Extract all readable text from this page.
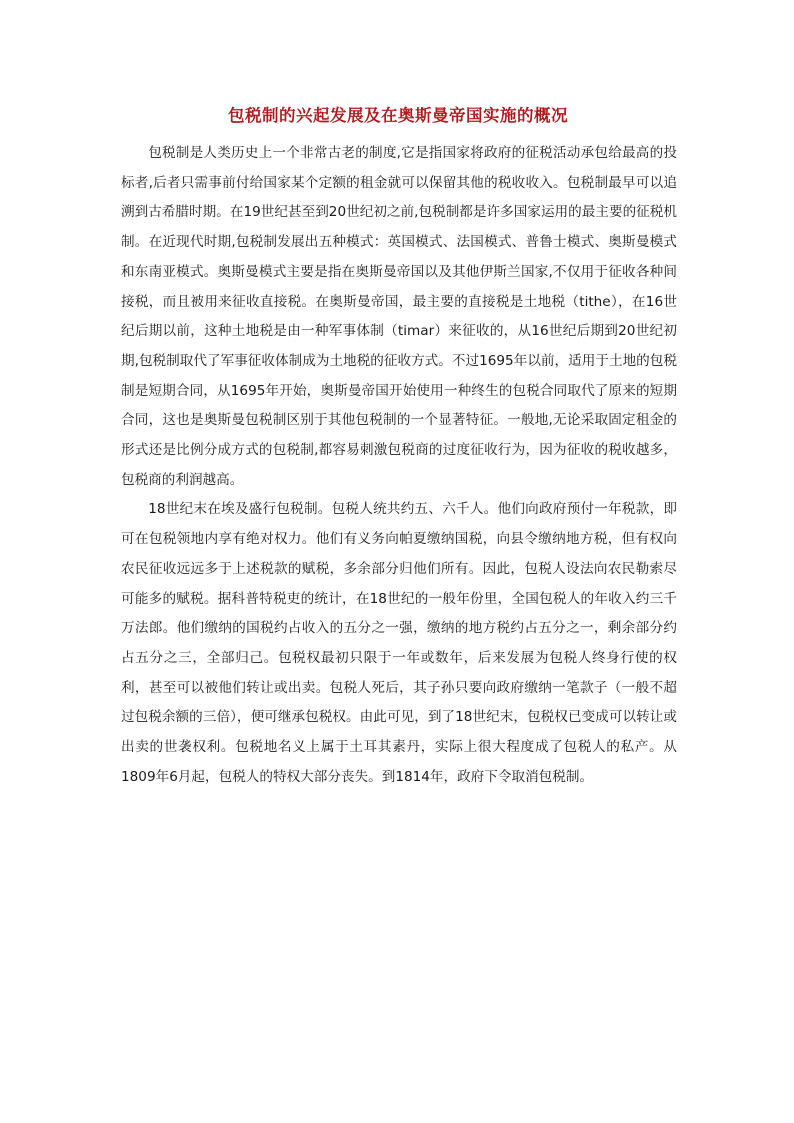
包税制的兴起发展及在奥斯曼帝国实施的概况

包税制是人类历史上一个非常古老的制度,它是指国家将政府的征税活动承包给最高的投标者,后者只需事前付给国家某个定额的租金就可以保留其他的税收收入。包税制最早可以追溯到古希腊时期。在19世纪甚至到20世纪初之前,包税制都是许多国家运用的最主要的征税机制。在近现代时期,包税制发展出五种模式：英国模式、法国模式、普鲁士模式、奥斯曼模式和东南亚模式。奥斯曼模式主要是指在奥斯曼帝国以及其他伊斯兰国家,不仅用于征收各种间接税，而且被用来征收直接税。在奥斯曼帝国，最主要的直接税是土地税（tithe），在16世纪后期以前，这种土地税是由一种军事体制（timar）来征收的，从16世纪后期到20世纪初期,包税制取代了军事征收体制成为土地税的征收方式。不过1695年以前，适用于土地的包税制是短期合同，从1695年开始，奥斯曼帝国开始使用一种终生的包税合同取代了原来的短期合同，这也是奥斯曼包税制区别于其他包税制的一个显著特征。一般地,无论采取固定租金的形式还是比例分成方式的包税制,都容易刺激包税商的过度征收行为，因为征收的税收越多，包税商的利润越高。

18世纪末在埃及盛行包税制。包税人统共约五、六千人。他们向政府预付一年税款，即可在包税领地内享有绝对权力。他们有义务向帕夏缴纳国税，向县令缴纳地方税，但有权向农民征收远远多于上述税款的赋税，多余部分归他们所有。因此，包税人设法向农民勒索尽可能多的赋税。据科普特税吏的统计，在18世纪的一般年份里，全国包税人的年收入约三千万法郎。他们缴纳的国税约占收入的五分之一强，缴纳的地方税约占五分之一，剩余部分约占五分之三，全部归己。包税权最初只限于一年或数年，后来发展为包税人终身行使的权利，甚至可以被他们转让或出卖。包税人死后，其子孙只要向政府缴纳一笔款子（一般不超过包税余额的三倍），便可继承包税权。由此可见，到了18世纪末，包税权已变成可以转让或出卖的世袭权利。包税地名义上属于土耳其素丹，实际上很大程度成了包税人的私产。从1809年6月起，包税人的特权大部分丧失。到1814年，政府下令取消包税制。
